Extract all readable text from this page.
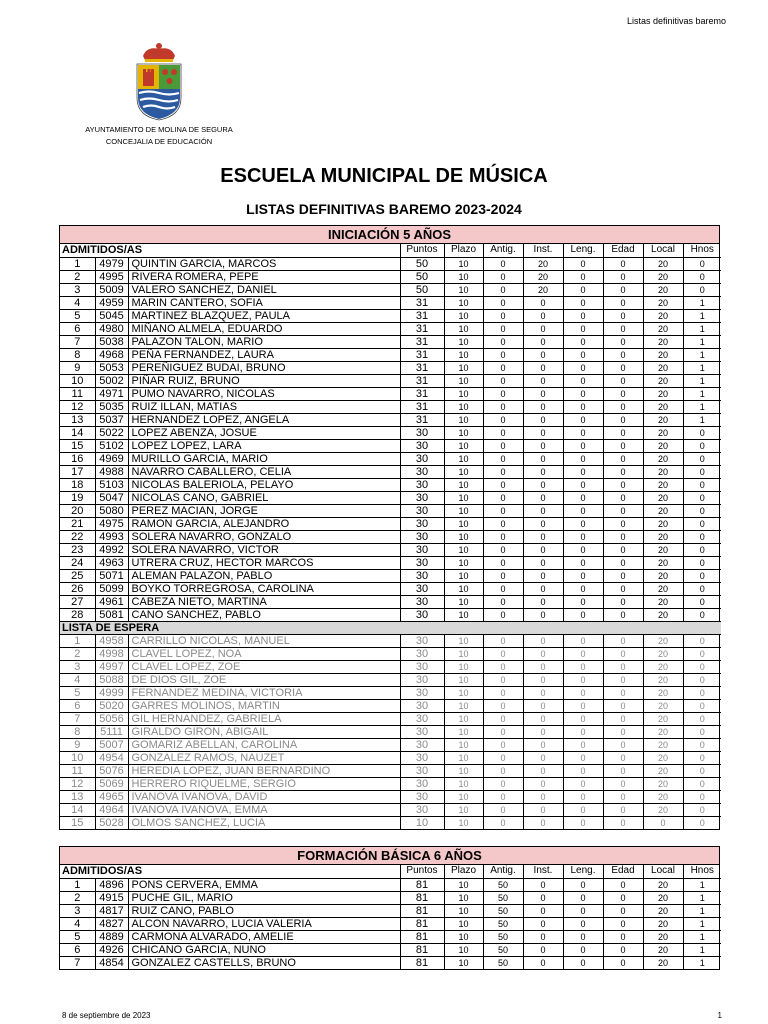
Listas definitivas baremo
AYUNTAMIENTO DE MOLINA DE SEGURA
CONCEJALIA DE EDUCACIÓN
ESCUELA MUNICIPAL DE MÚSICA
LISTAS DEFINITIVAS BAREMO 2023-2024
INICIACIÓN 5 AÑOS
ADMITIDOS/AS			Puntos	Plazo	Antig.	Inst.	Leng.	Edad	Local	Hnos
1	4979	QUINTIN GARCIA, MARCOS	50	10	0	20	0	0	20	0
2	4995	RIVERA ROMERA, PEPE	50	10	0	20	0	0	20	0
3	5009	VALERO SANCHEZ, DANIEL	50	10	0	20	0	0	20	0
4	4959	MARIN CANTERO, SOFIA	31	10	0	0	0	0	20	1
5	5045	MARTINEZ BLAZQUEZ, PAULA	31	10	0	0	0	0	20	1
6	4980	MIÑANO ALMELA, EDUARDO	31	10	0	0	0	0	20	1
7	5038	PALAZON TALON, MARIO	31	10	0	0	0	0	20	1
8	4968	PEÑA FERNANDEZ, LAURA	31	10	0	0	0	0	20	1
9	5053	PEREÑIGUEZ BUDAI, BRUNO	31	10	0	0	0	0	20	1
10	5002	PIÑAR RUIZ, BRUNO	31	10	0	0	0	0	20	1
11	4971	PUMO NAVARRO, NICOLAS	31	10	0	0	0	0	20	1
12	5035	RUIZ ILLAN, MATIAS	31	10	0	0	0	0	20	1
13	5037	HERNANDEZ LOPEZ, ANGELA	31	10	0	0	0	0	20	1
14	5022	LOPEZ ABENZA, JOSUE	30	10	0	0	0	0	20	0
15	5102	LOPEZ LOPEZ, LARA	30	10	0	0	0	0	20	0
16	4969	MURILLO GARCIA, MARIO	30	10	0	0	0	0	20	0
17	4988	NAVARRO CABALLERO, CELIA	30	10	0	0	0	0	20	0
18	5103	NICOLAS BALERIOLA, PELAYO	30	10	0	0	0	0	20	0
19	5047	NICOLAS CANO, GABRIEL	30	10	0	0	0	0	20	0
20	5080	PEREZ MACIAN, JORGE	30	10	0	0	0	0	20	0
21	4975	RAMON GARCIA, ALEJANDRO	30	10	0	0	0	0	20	0
22	4993	SOLERA NAVARRO, GONZALO	30	10	0	0	0	0	20	0
23	4992	SOLERA NAVARRO, VICTOR	30	10	0	0	0	0	20	0
24	4963	UTRERA CRUZ, HECTOR MARCOS	30	10	0	0	0	0	20	0
25	5071	ALEMAN PALAZON, PABLO	30	10	0	0	0	0	20	0
26	5099	BOYKO TORREGROSA, CAROLINA	30	10	0	0	0	0	20	0
27	4961	CABEZA NIETO, MARTINA	30	10	0	0	0	0	20	0
28	5081	CANO SANCHEZ, PABLO	30	10	0	0	0	0	20	0
LISTA DE ESPERA										
1	4958	CARRILLO NICOLAS, MANUEL	30	10	0	0	0	0	20	0
2	4998	CLAVEL LOPEZ, NOA	30	10	0	0	0	0	20	0
3	4997	CLAVEL LOPEZ, ZOE	30	10	0	0	0	0	20	0
4	5088	DE DIOS GIL, ZOE	30	10	0	0	0	0	20	0
5	4999	FERNANDEZ MEDINA, VICTORIA	30	10	0	0	0	0	20	0
6	5020	GARRES MOLINOS, MARTIN	30	10	0	0	0	0	20	0
7	5056	GIL HERNANDEZ, GABRIELA	30	10	0	0	0	0	20	0
8	5111	GIRALDO GIRON, ABIGAIL	30	10	0	0	0	0	20	0
9	5007	GOMARIZ ABELLAN, CAROLINA	30	10	0	0	0	0	20	0
10	4954	GONZALEZ RAMOS, NAUZET	30	10	0	0	0	0	20	0
11	5076	HEREDIA LOPEZ, JUAN BERNARDINO	30	10	0	0	0	0	20	0
12	5069	HERRERO RIQUELME, SERGIO	30	10	0	0	0	0	20	0
13	4965	IVANOVA IVANOVA, DAVID	30	10	0	0	0	0	20	0
14	4964	IVANOVA IVANOVA, EMMA	30	10	0	0	0	0	20	0
15	5028	OLMOS SANCHEZ, LUCIA	10	10	0	0	0	0	0	0
FORMACIÓN BÁSICA 6 AÑOS
ADMITIDOS/AS			Puntos	Plazo	Antig.	Inst.	Leng.	Edad	Local	Hnos
1	4896	PONS CERVERA, EMMA	81	10	50	0	0	0	20	1
2	4915	PUCHE GIL, MARIO	81	10	50	0	0	0	20	1
3	4817	RUIZ CANO, PABLO	81	10	50	0	0	0	20	1
4	4827	ALCON NAVARRO, LUCIA VALERIA	81	10	50	0	0	0	20	1
5	4889	CARMONA ALVARADO, AMELIE	81	10	50	0	0	0	20	1
6	4926	CHICANO GARCIA, NUNO	81	10	50	0	0	0	20	1
7	4854	GONZALEZ CASTELLS, BRUNO	81	10	50	0	0	0	20	1
8 de septiembre de 2023	1
